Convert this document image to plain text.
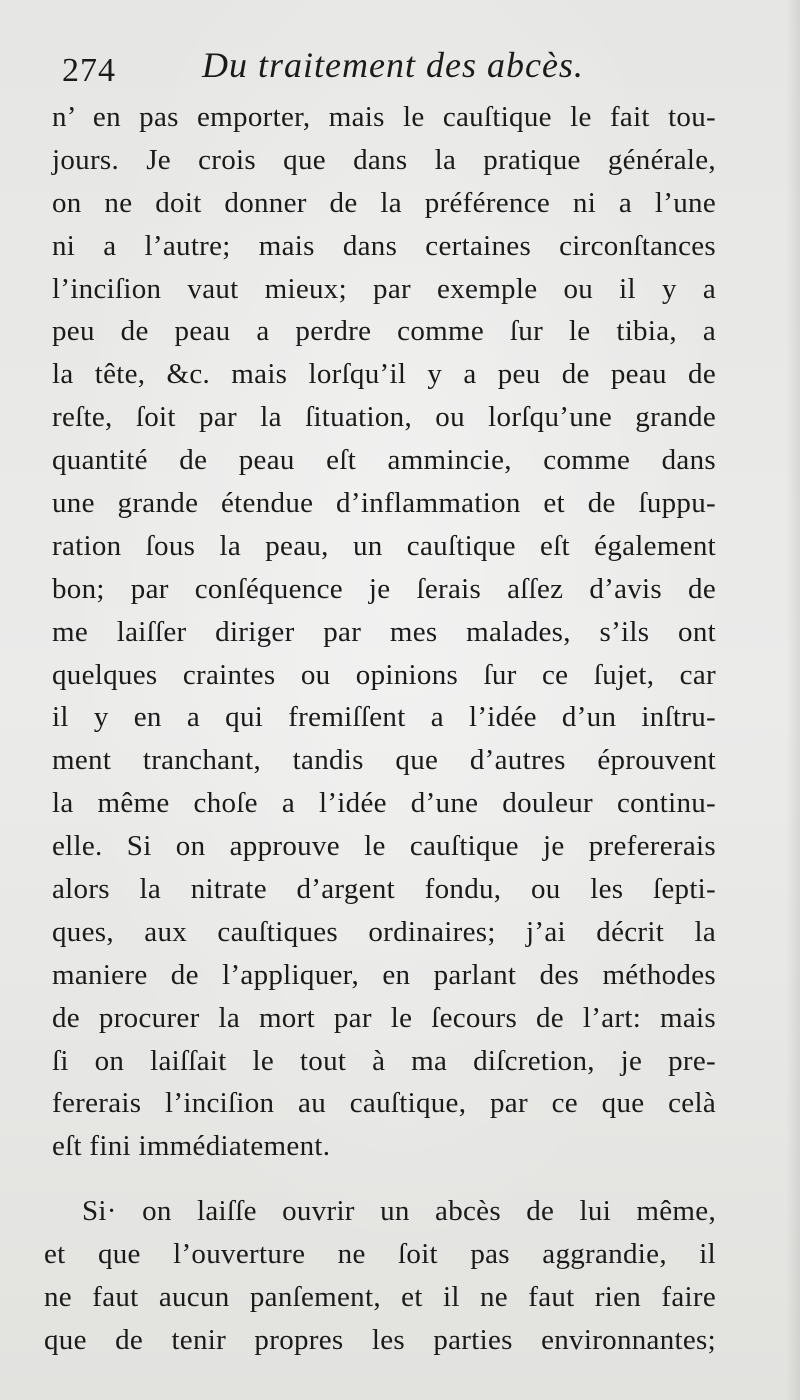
274 Du traitement des abcès.
n’ en pas emporter, mais le cauſtique le fait tou-
jours. Je crois que dans la pratique générale,
on ne doit donner de la préférence ni a l’une
ni a l’autre; mais dans certaines circonſtances
l’inciſion vaut mieux; par exemple ou il y a
peu de peau a perdre comme ſur le tibia, a
la tête, &c. mais lorſqu’il y a peu de peau de
reſte, ſoit par la ſituation, ou lorſqu’une grande
quantité de peau eſt ammincie, comme dans
une grande étendue d’inflammation et de ſuppu-
ration ſous la peau, un cauſtique eſt également
bon; par conſéquence je ſerais aſſez d’avis de
me laiſſer diriger par mes malades, s’ils ont
quelques craintes ou opinions ſur ce ſujet, car
il y en a qui fremiſſent a l’idée d’un inſtru-
ment tranchant, tandis que d’autres éprouvent
la même choſe a l’idée d’une douleur continu-
elle. Si on approuve le cauſtique je prefererais
alors la nitrate d’argent fondu, ou les ſepti-
ques, aux cauſtiques ordinaires; j’ai décrit la
maniere de l’appliquer, en parlant des méthodes
de procurer la mort par le ſecours de l’art: mais
ſi on laiſſait le tout à ma diſcretion, je pre-
fererais l’inciſion au cauſtique, par ce que celà
eſt fini immédiatement.
Si· on laiſſe ouvrir un abcès de lui même,
et que l’ouverture ne ſoit pas aggrandie, il
ne faut aucun panſement, et il ne faut rien faire
que de tenir propres les parties environnantes;
